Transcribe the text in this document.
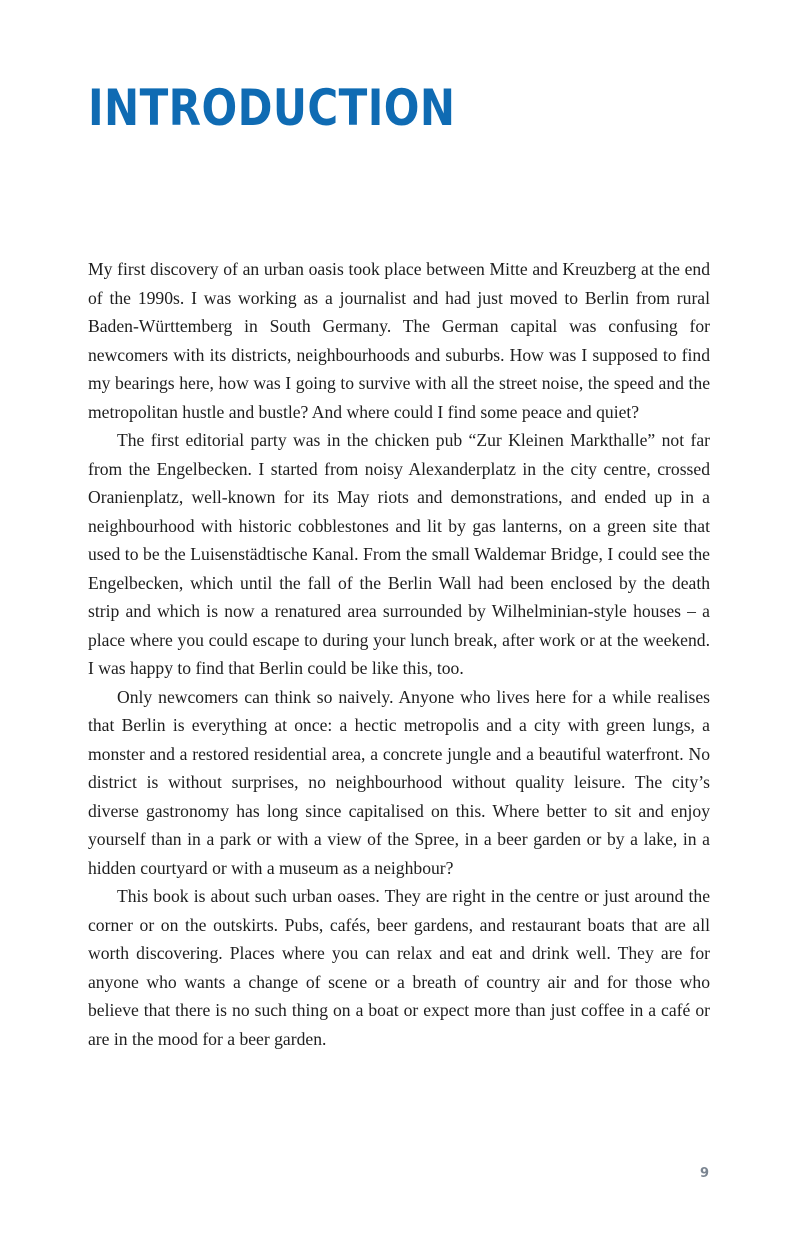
INTRODUCTION

My first discovery of an urban oasis took place between Mitte and Kreuzberg at the end of the 1990s. I was working as a journalist and had just moved to Berlin from rural Baden-Württemberg in South Germany. The German capital was confusing for newcomers with its districts, neighbourhoods and suburbs. How was I supposed to find my bearings here, how was I going to survive with all the street noise, the speed and the metropolitan hustle and bustle? And where could I find some peace and quiet?

The first editorial party was in the chicken pub “Zur Kleinen Markthalle” not far from the Engelbecken. I started from noisy Alexanderplatz in the city centre, crossed Oranienplatz, well-known for its May riots and demonstrations, and ended up in a neighbourhood with historic cobblestones and lit by gas lanterns, on a green site that used to be the Luisenstädtische Kanal. From the small Waldemar Bridge, I could see the Engelbecken, which until the fall of the Berlin Wall had been enclosed by the death strip and which is now a renatured area surrounded by Wilhelminian-style houses – a place where you could escape to during your lunch break, after work or at the weekend. I was happy to find that Berlin could be like this, too.

Only newcomers can think so naively. Anyone who lives here for a while realises that Berlin is everything at once: a hectic metropolis and a city with green lungs, a monster and a restored residential area, a concrete jungle and a beautiful waterfront. No district is without surprises, no neighbourhood without quality leisure. The city’s diverse gastronomy has long since capitalised on this. Where better to sit and enjoy yourself than in a park or with a view of the Spree, in a beer garden or by a lake, in a hidden courtyard or with a museum as a neighbour?

This book is about such urban oases. They are right in the centre or just around the corner or on the outskirts. Pubs, cafés, beer gardens, and restaurant boats that are all worth discovering. Places where you can relax and eat and drink well. They are for anyone who wants a change of scene or a breath of country air and for those who believe that there is no such thing on a boat or expect more than just coffee in a café or are in the mood for a beer garden.

9
